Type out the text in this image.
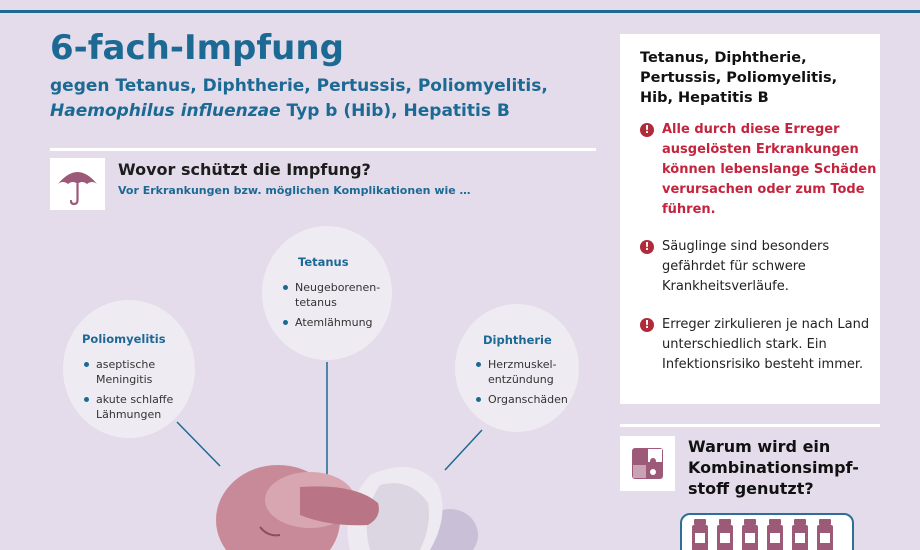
6-fach-Impfung
gegen Tetanus, Diphtherie, Pertussis, Poliomyelitis,
Haemophilus influenzae Typ b (Hib), Hepatitis B
Wovor schützt die Impfung?
Vor Erkrankungen bzw. möglichen Komplikationen wie …
Tetanus
Neugeborenen-
tetanus
Atemlähmung
Poliomyelitis
aseptische
Meningitis
akute schlaffe
Lähmungen
Diphtherie
Herzmuskel-
entzündung
Organschäden
Tetanus, Diphtherie, Pertussis, Poliomyelitis, Hib, Hepatitis B
! Alle durch diese Erreger ausgelösten Erkrankungen können lebenslange Schäden verursachen oder zum Tode führen.
! Säuglinge sind besonders gefährdet für schwere Krankheitsverläufe.
! Erreger zirkulieren je nach Land unterschiedlich stark. Ein Infektionsrisiko besteht immer.
Warum wird ein Kombinationsimpf-stoff genutzt?
